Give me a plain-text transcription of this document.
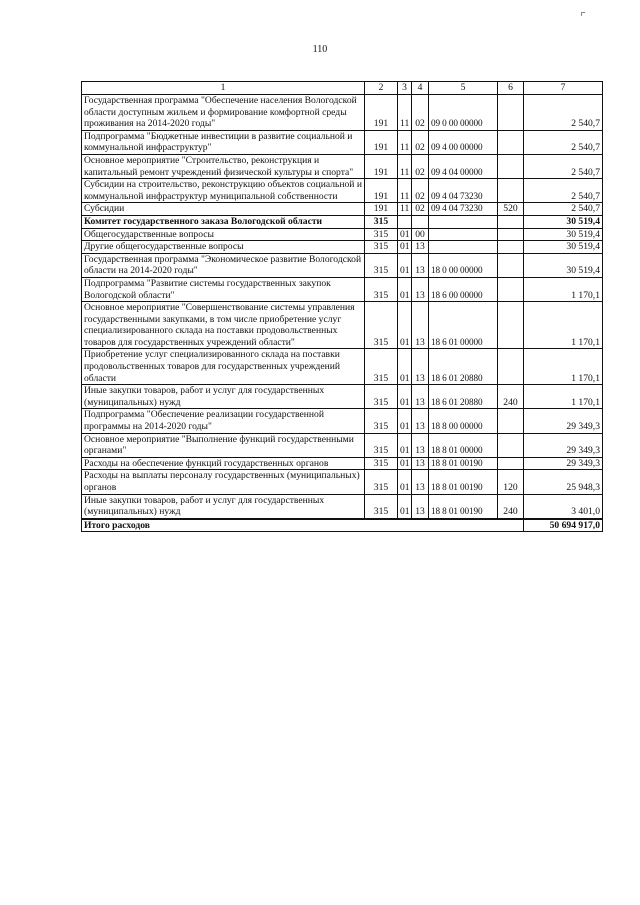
110
1	2	3	4	5	6	7
Государственная программа "Обеспечение населения Вологодской области доступным жильем и формирование комфортной среды проживания на 2014-2020 годы"	191	11	02	09 0 00 00000		2 540,7
Подпрограмма "Бюджетные инвестиции в развитие социальной и коммунальной инфраструктур"	191	11	02	09 4 00 00000		2 540,7
Основное мероприятие "Строительство, реконструкция и капитальный ремонт учреждений физической культуры и спорта"	191	11	02	09 4 04 00000		2 540,7
Субсидии на строительство, реконструкцию объектов социальной и коммунальной инфраструктур муниципальной собственности	191	11	02	09 4 04 73230		2 540,7
Субсидии	191	11	02	09 4 04 73230	520	2 540,7
Комитет государственного заказа Вологодской области	315					30 519,4
Общегосударственные вопросы	315	01	00			30 519,4
Другие общегосударственные вопросы	315	01	13			30 519,4
Государственная программа "Экономическое развитие Вологодской области на 2014-2020 годы"	315	01	13	18 0 00 00000		30 519,4
Подпрограмма "Развитие системы государственных закупок Вологодской области"	315	01	13	18 6 00 00000		1 170,1
Основное мероприятие "Совершенствование системы управления государственными закупками, в том числе приобретение услуг специализированного склада на поставки продовольственных товаров для государственных учреждений области"	315	01	13	18 6 01 00000		1 170,1
Приобретение услуг специализированного склада на поставки продовольственных товаров для государственных учреждений области	315	01	13	18 6 01 20880		1 170,1
Иные закупки товаров, работ и услуг для государственных (муниципальных) нужд	315	01	13	18 6 01 20880	240	1 170,1
Подпрограмма "Обеспечение реализации государственной программы на 2014-2020 годы"	315	01	13	18 8 00 00000		29 349,3
Основное мероприятие "Выполнение функций государственными органами"	315	01	13	18 8 01 00000		29 349,3
Расходы на обеспечение функций государственных органов	315	01	13	18 8 01 00190		29 349,3
Расходы на выплаты персоналу государственных (муниципальных) органов	315	01	13	18 8 01 00190	120	25 948,3
Иные закупки товаров, работ и услуг для государственных (муниципальных) нужд	315	01	13	18 8 01 00190	240	3 401,0
Итого расходов						50 694 917,0
